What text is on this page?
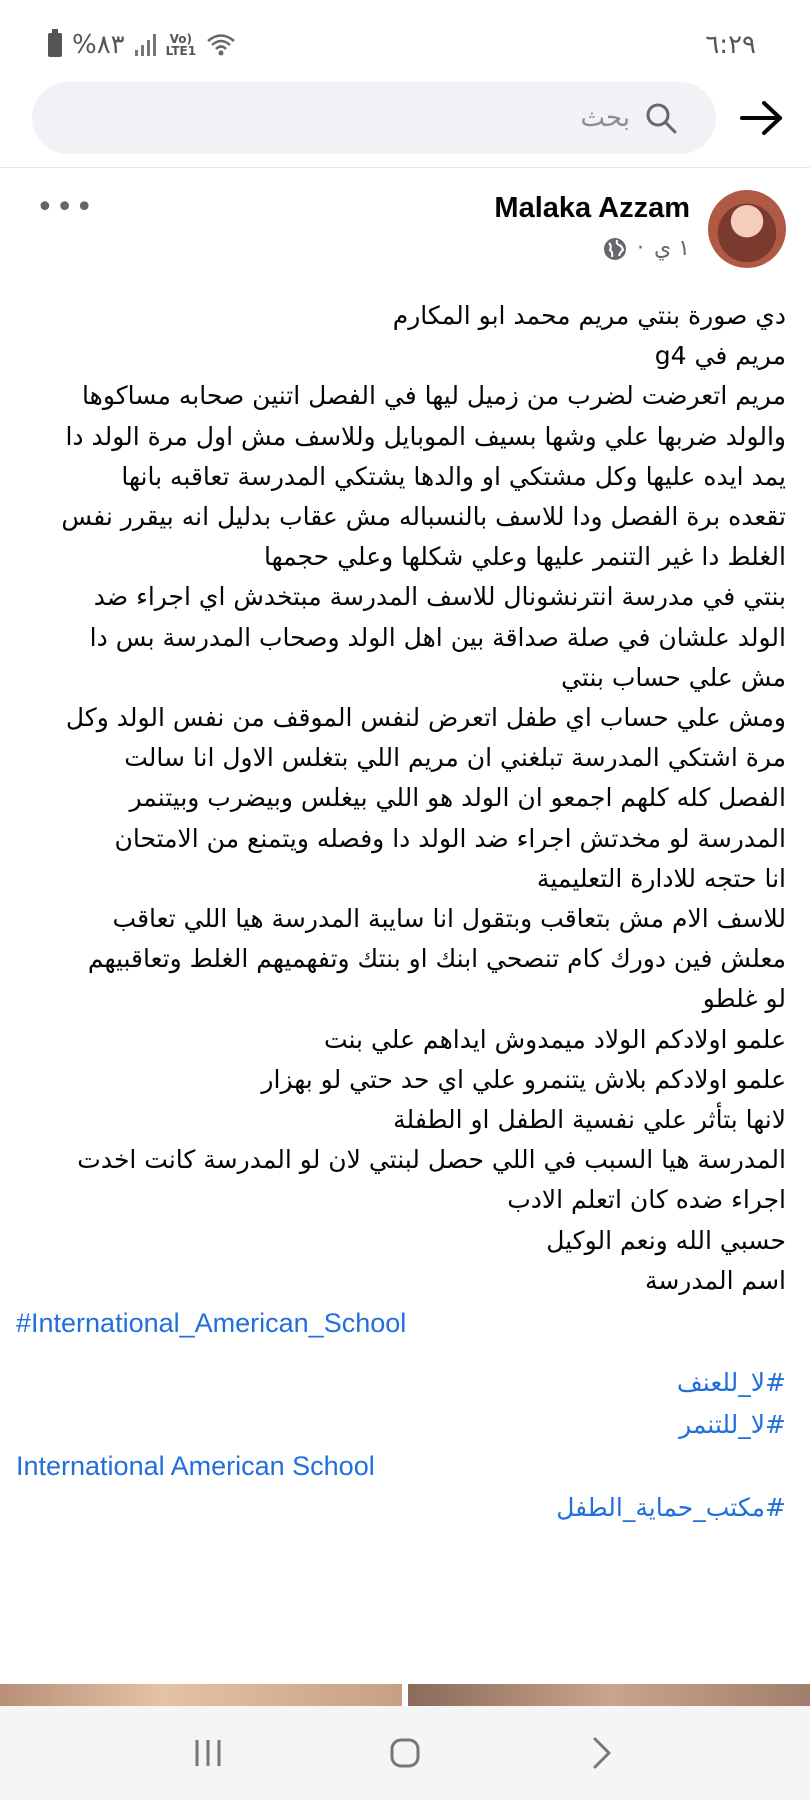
%٨٣	Vo)
LTE1	٦:٢٩
بحث
Malaka Azzam
١ ي
·
•••
دي صورة بنتي مريم محمد ابو المكارم
مريم في g4
مريم اتعرضت لضرب من زميل ليها في الفصل اتنين صحابه مساكوها
والولد ضربها علي وشها بسيف الموبايل وللاسف مش اول مرة الولد دا
يمد ايده عليها وكل مشتكي او والدها يشتكي المدرسة تعاقبه بانها
تقعده برة الفصل ودا للاسف بالنسباله مش عقاب بدليل انه بيقرر نفس
الغلط دا غير التنمر عليها وعلي شكلها وعلي حجمها
بنتي في مدرسة انترنشونال للاسف المدرسة مبتخدش اي اجراء ضد
الولد علشان في صلة صداقة بين اهل الولد وصحاب المدرسة بس دا
مش علي حساب بنتي
ومش علي حساب اي طفل اتعرض لنفس الموقف من نفس الولد وكل
مرة اشتكي المدرسة تبلغني ان مريم اللي بتغلس الاول انا سالت
الفصل كله كلهم اجمعو ان الولد هو اللي بيغلس وبيضرب وبيتنمر
المدرسة لو مخدتش اجراء ضد الولد دا وفصله ويتمنع من الامتحان
انا حتجه للادارة التعليمية
للاسف الام مش بتعاقب وبتقول انا سايبة المدرسة هيا اللي تعاقب
معلش فين دورك كام تنصحي ابنك او بنتك وتفهميهم الغلط وتعاقبيهم
لو غلطو
علمو اولادكم الولاد ميمدوش ايداهم علي بنت
علمو اولادكم بلاش يتنمرو علي اي حد حتي لو بهزار
لانها بتأثر علي نفسية الطفل او الطفلة
المدرسة هيا السبب في اللي حصل لبنتي لان لو المدرسة كانت اخدت
اجراء ضده كان اتعلم الادب
حسبي الله ونعم الوكيل
اسم المدرسة
#International_American_School
#لا_للعنف
#لا_للتنمر
International American School
#مكتب_حماية_الطفل
